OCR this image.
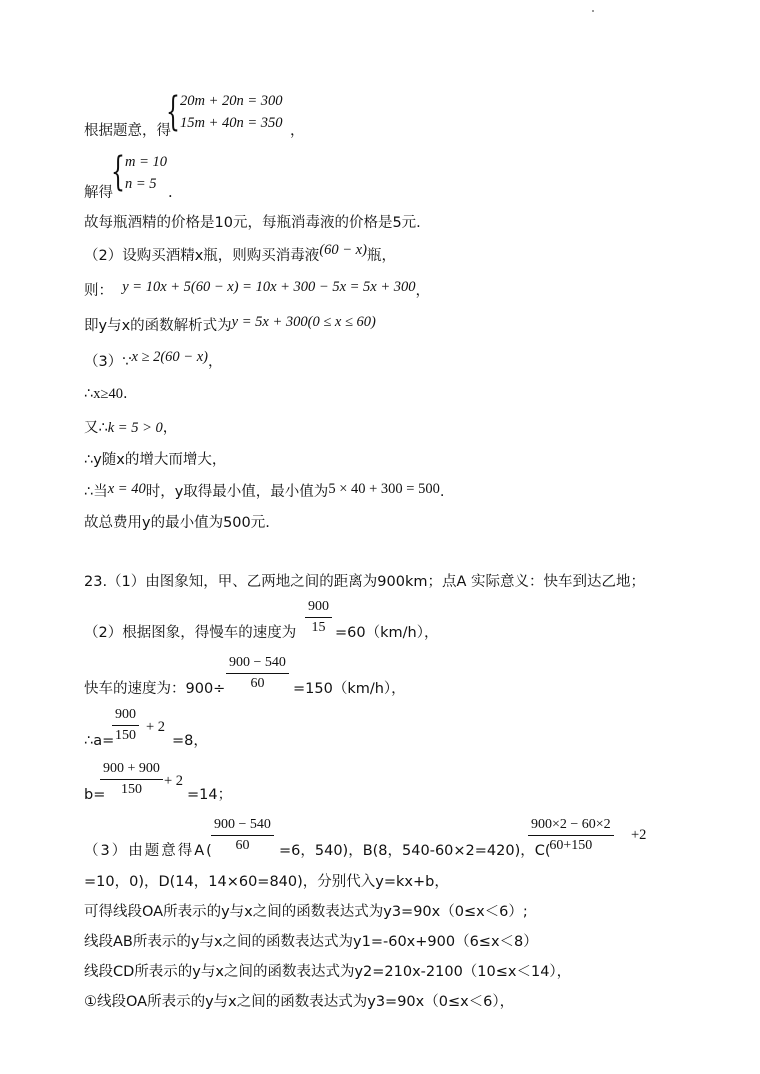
根据题意，得
{ 20m + 20n = 300
15m + 40n = 350 ，
解得
{ m = 10
n = 5
.
故每瓶酒精的价格是10元，每瓶消毒液的价格是5元.
（2）设购买酒精x瓶，则购买消毒液(60 − x)瓶，
则： y = 10x + 5(60 − x) = 10x + 300 − 5x = 5x + 300，
即y与x的函数解析式为y = 5x + 300(0 ≤ x ≤ 60)
（3）∵x ≥ 2(60 − x)，
∴x≥40.
又∴k = 5 > 0，
∴y随x的增大而增大，
∴当x = 40时，y取得最小值，最小值为5 × 40 + 300 = 500.
故总费用y的最小值为500元.
23.（1）由图象知，甲、乙两地之间的距离为900km；点A 实际意义：快车到达乙地；
（2）根据图象，得慢车的速度为
900
15 =60（km/h），
快车的速度为：900÷
900 − 540
60	=150（km/h），
∴a=
900
150
+ 2
=8，
b=
900 + 900
150
+ 2
=14；
（3）由题意得A(
900 − 540
60	=6，540)，B(8，540-60×2=420)，C(
900×2 − 60×2
60+150
+2
=10，0)，D(14，14×60=840)，分别代入y=kx+b，
可得线段OA所表示的y与x之间的函数表达式为y3=90x（0≤x＜6）;
线段AB所表示的y与x之间的函数表达式为y1=-60x+900（6≤x＜8）
线段CD所表示的y与x之间的函数表达式为y2=210x-2100（10≤x＜14），
①线段OA所表示的y与x之间的函数表达式为y3=90x（0≤x＜6），
